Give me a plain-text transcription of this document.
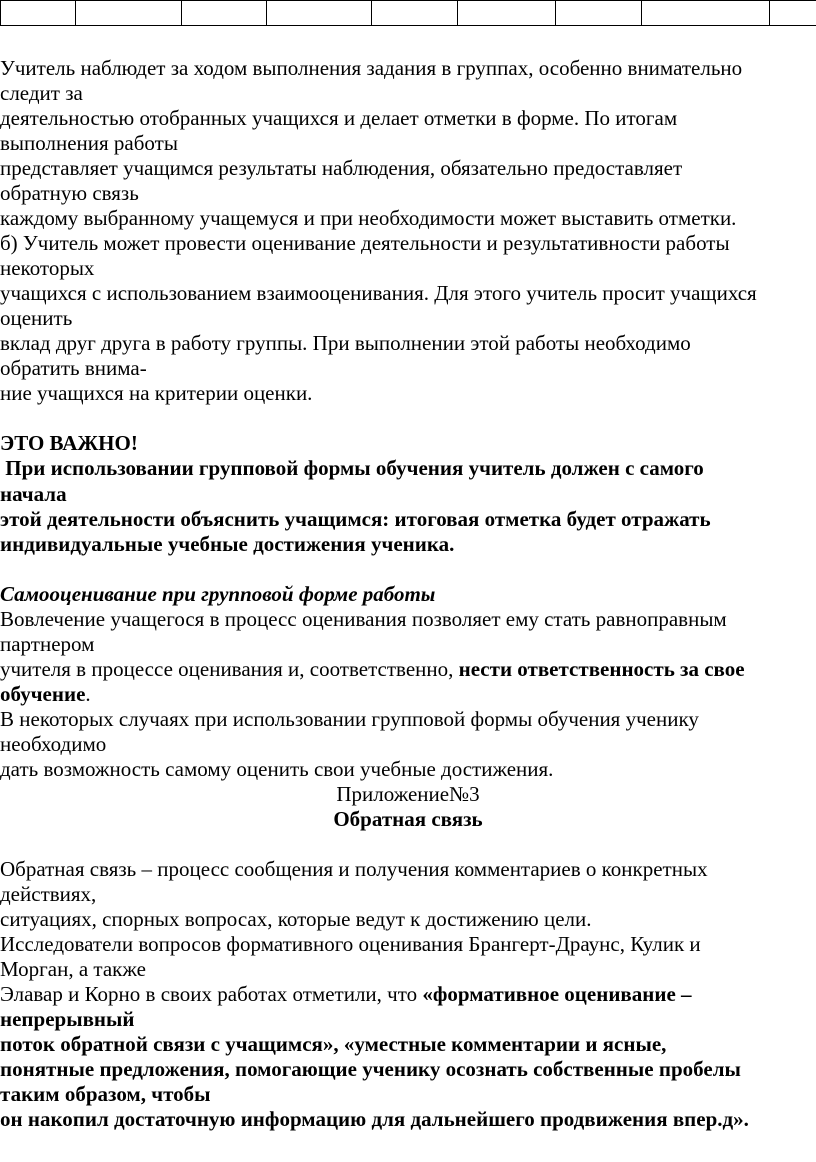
Учитель наблюдет за ходом выполнения задания в группах, особенно внимательно

следит за

деятельностью отобранных учащихся и делает отметки в форме. По итогам

выполнения работы

представляет учащимся результаты наблюдения, обязательно предоставляет

обратную связь

каждому выбранному учащемуся и при необходимости может выставить отметки.

б) Учитель может провести оценивание деятельности и результативности работы

некоторых

учащихся с использованием взаимооценивания. Для этого учитель просит учащихся

оценить

вклад друг друга в работу группы. При выполнении этой работы необходимо

обратить внима-

ние учащихся на критерии оценки.

ЭТО ВАЖНО!

При использовании групповой формы обучения учитель должен с самого

начала

этой деятельности объяснить учащимся: итоговая отметка будет отражать

индивидуальные учебные достижения ученика.

Самооценивание при групповой форме работы

Вовлечение учащегося в процесс оценивания позволяет ему стать равноправным

партнером

учителя в процессе оценивания и, соответственно, нести ответственность за свое

обучение.

В некоторых случаях при использовании групповой формы обучения ученику

необходимо

дать возможность самому оценить свои учебные достижения.

Приложение№3

Обратная связь

Обратная связь – процесс сообщения и получения комментариев о конкретных

действиях,

ситуациях, спорных вопросах, которые ведут к достижению цели.

Исследователи вопросов формативного оценивания Брангерт-Драунс, Кулик и

Морган, а также

Элавар и Корно в своих работах отметили, что «формативное оценивание –

непрерывный

поток обратной связи с учащимся», «уместные комментарии и ясные,

понятные предложения, помогающие ученику осознать собственные пробелы

таким образом, чтобы

он накопил достаточную информацию для дальнейшего продвижения впер.д».
